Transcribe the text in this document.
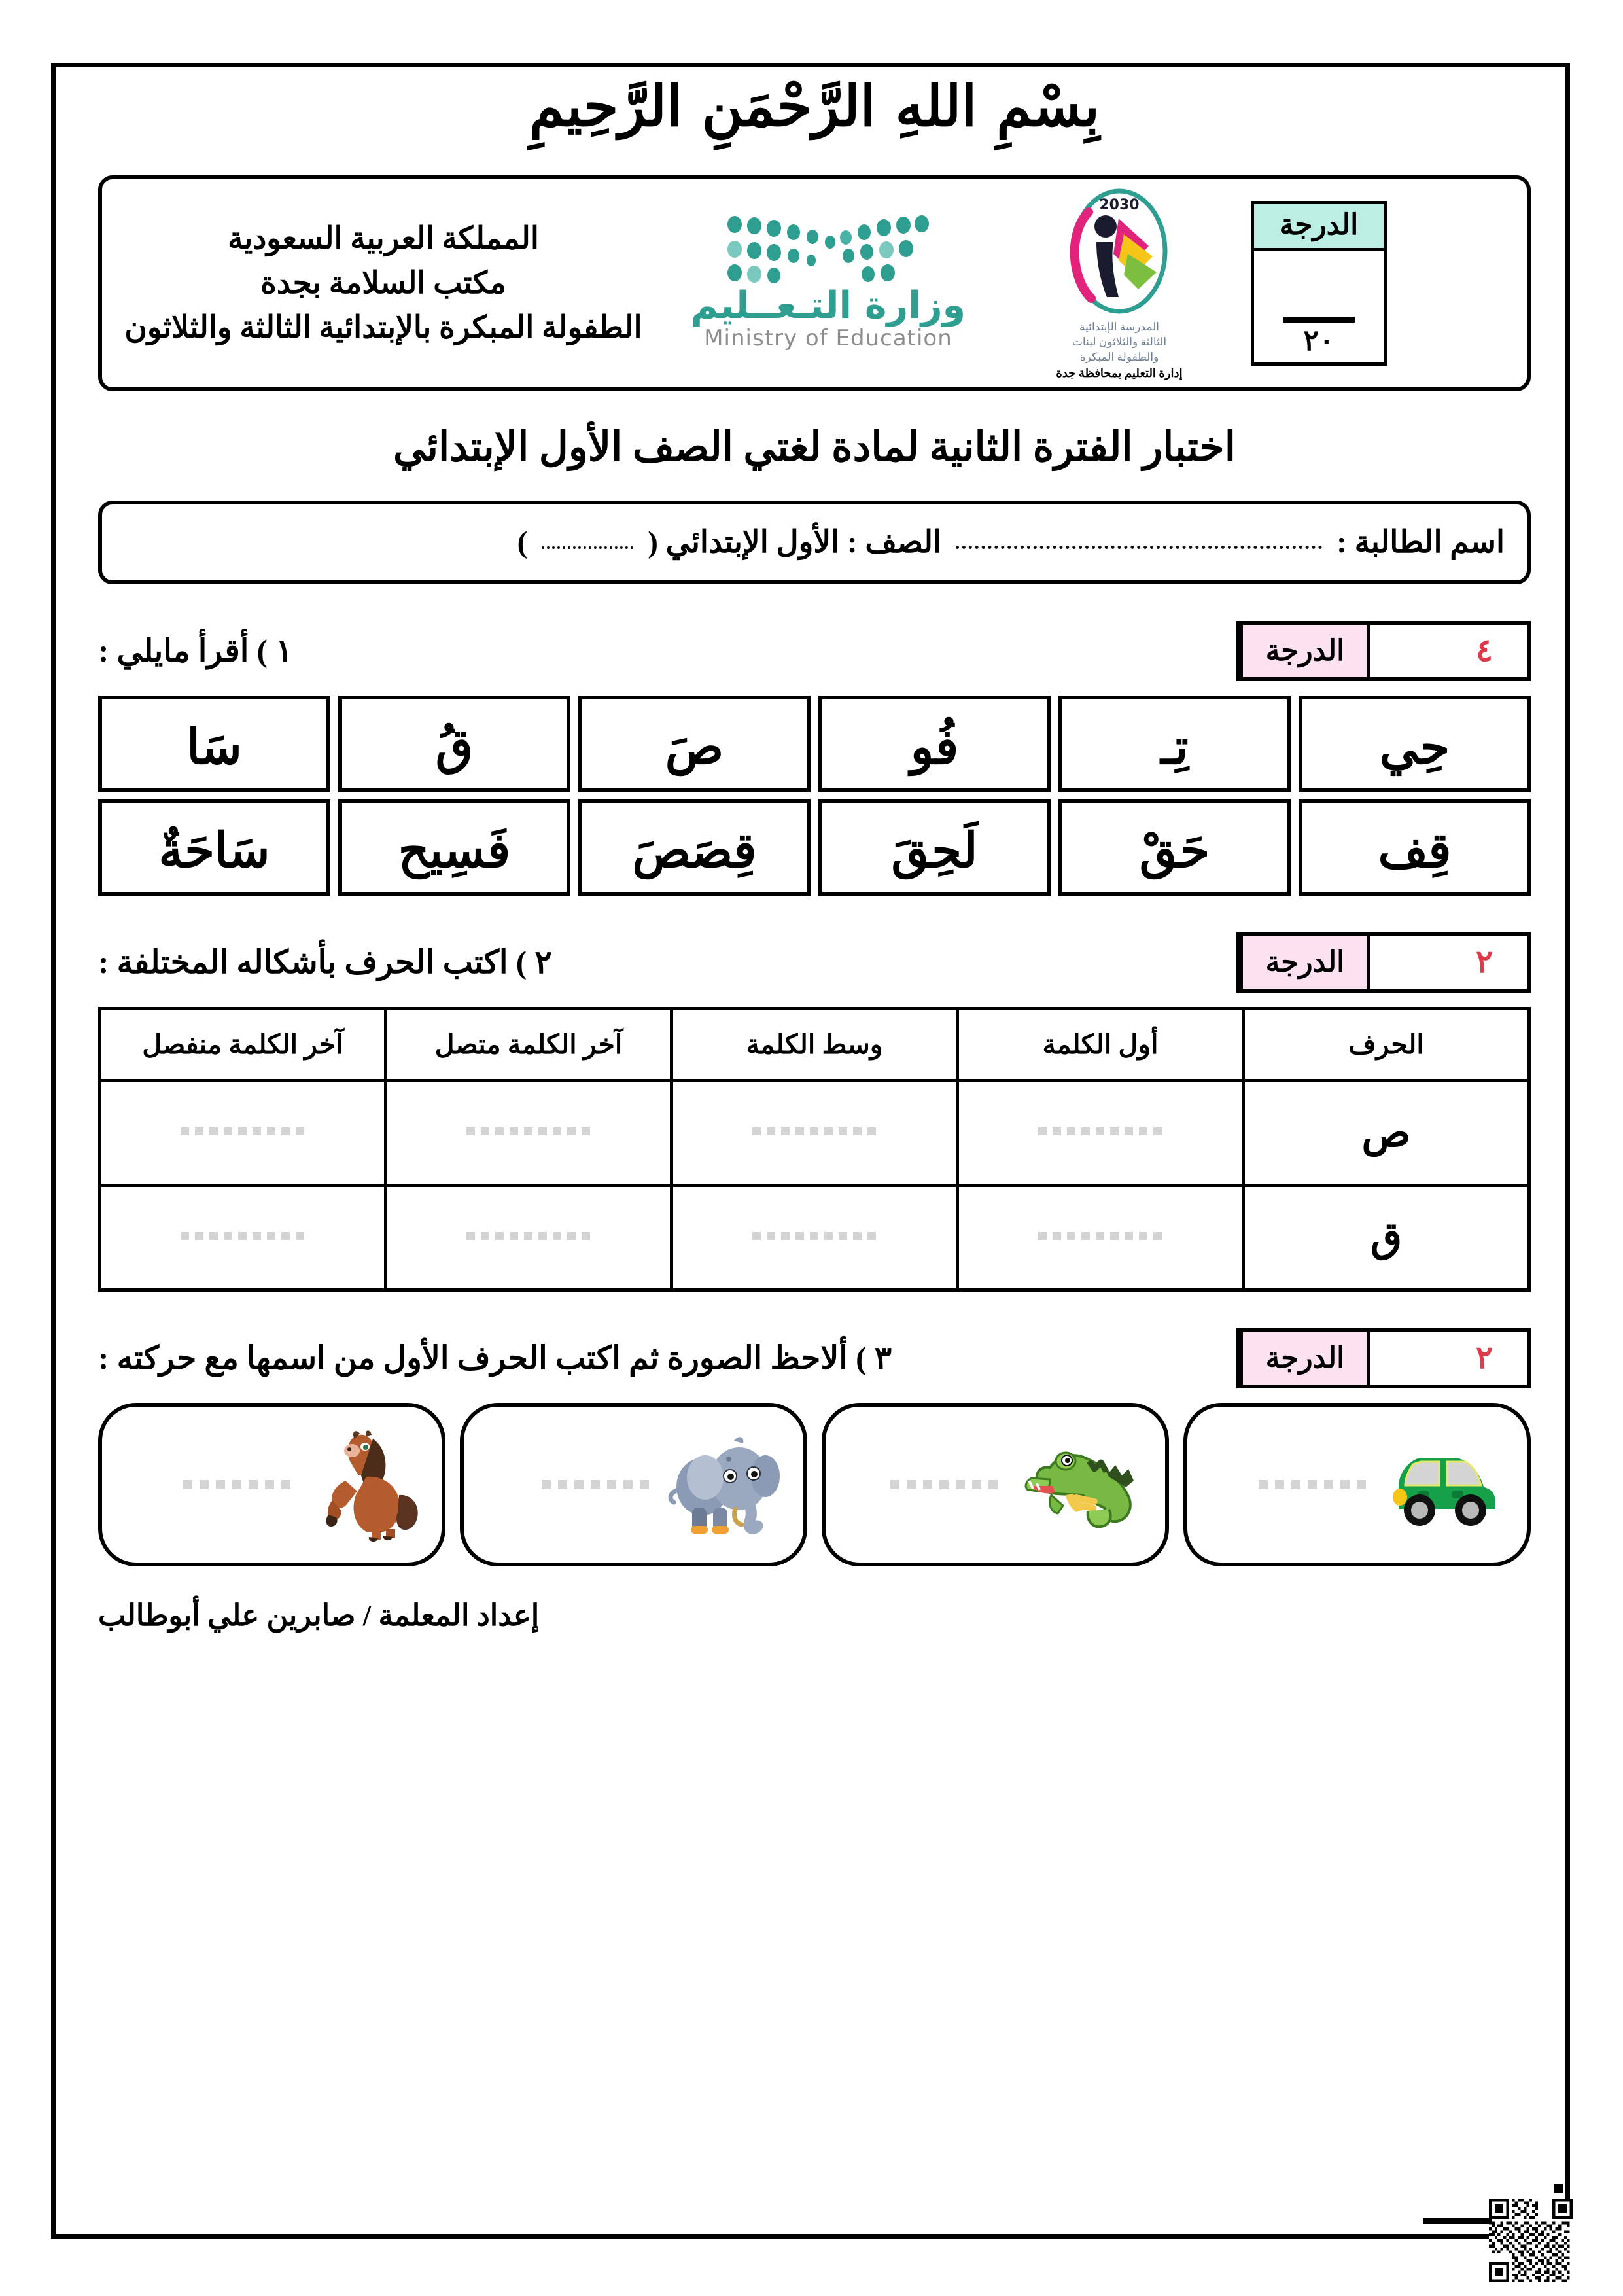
بِسْمِ اللهِ الرَّحْمَنِ الرَّحِيمِ
المملكة العربية السعودية
مكتب السلامة بجدة
الطفولة المبكرة بالإبتدائية الثالثة والثلاثون
وزارة التـعــليم
Ministry of Education
2030
المدرسة الإبتدائية
الثالثة والثلاثون لبنات
والطفولة المبكرة
إدارة التعليم بمحافظة جدة
الدرجة
٢٠
اختبار الفترة الثانية لمادة لغتي الصف الأول الإبتدائي
اسم الطالبة :
الصف : الأول الإبتدائي (
)
٤
الدرجة
١ ) أقرأ مايلي :
حِي
تِـ
فُو
صَ
قُ
سَا
قِف
حَقْ
لَحِقَ
قِصَصَ
فَسِيح
سَاحَةٌ
٢
الدرجة
٢ ) اكتب الحرف بأشكاله المختلفة :
الحرف	أول الكلمة	وسط الكلمة	آخر الكلمة متصل	آخر الكلمة منفصل
ص				
ق				
٢
الدرجة
٣ ) ألاحظ الصورة ثم اكتب الحرف الأول من اسمها مع حركته :
إعداد المعلمة / صابرين علي أبوطالب
